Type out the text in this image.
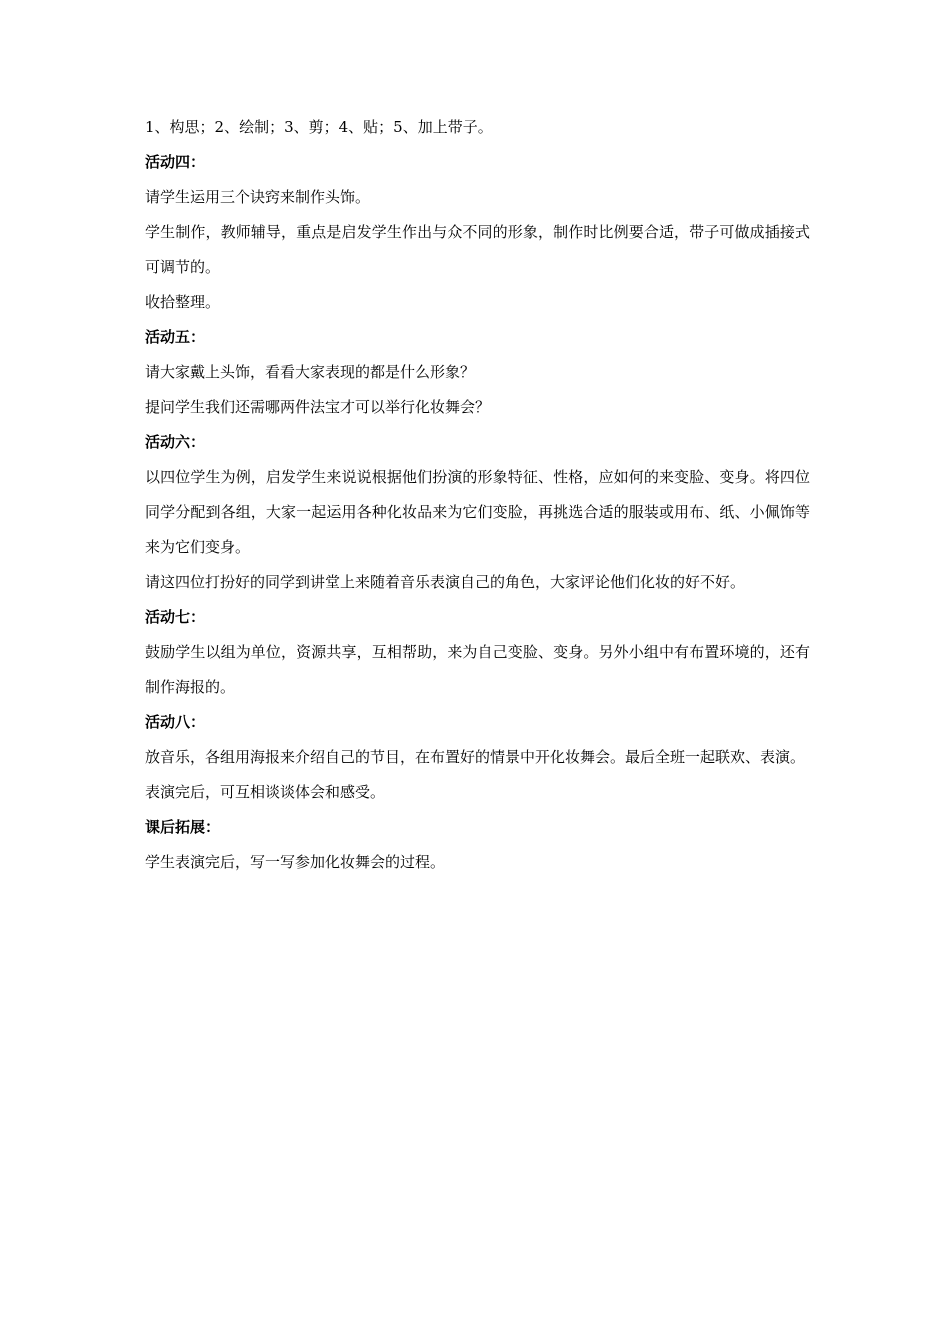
1、构思；2、绘制；3、剪；4、贴；5、加上带子。
活动四：
请学生运用三个诀窍来制作头饰。
学生制作，教师辅导，重点是启发学生作出与众不同的形象，制作时比例要合适，带子可做成插接式可调节的。
收拾整理。
活动五：
请大家戴上头饰，看看大家表现的都是什么形象？
提问学生我们还需哪两件法宝才可以举行化妆舞会？
活动六：
以四位学生为例，启发学生来说说根据他们扮演的形象特征、性格，应如何的来变脸、变身。将四位同学分配到各组，大家一起运用各种化妆品来为它们变脸，再挑选合适的服装或用布、纸、小佩饰等来为它们变身。
请这四位打扮好的同学到讲堂上来随着音乐表演自己的角色，大家评论他们化妆的好不好。
活动七：
鼓励学生以组为单位，资源共享，互相帮助，来为自己变脸、变身。另外小组中有布置环境的，还有制作海报的。
活动八：
放音乐，各组用海报来介绍自己的节目，在布置好的情景中开化妆舞会。最后全班一起联欢、表演。
表演完后，可互相谈谈体会和感受。
课后拓展：
学生表演完后，写一写参加化妆舞会的过程。
